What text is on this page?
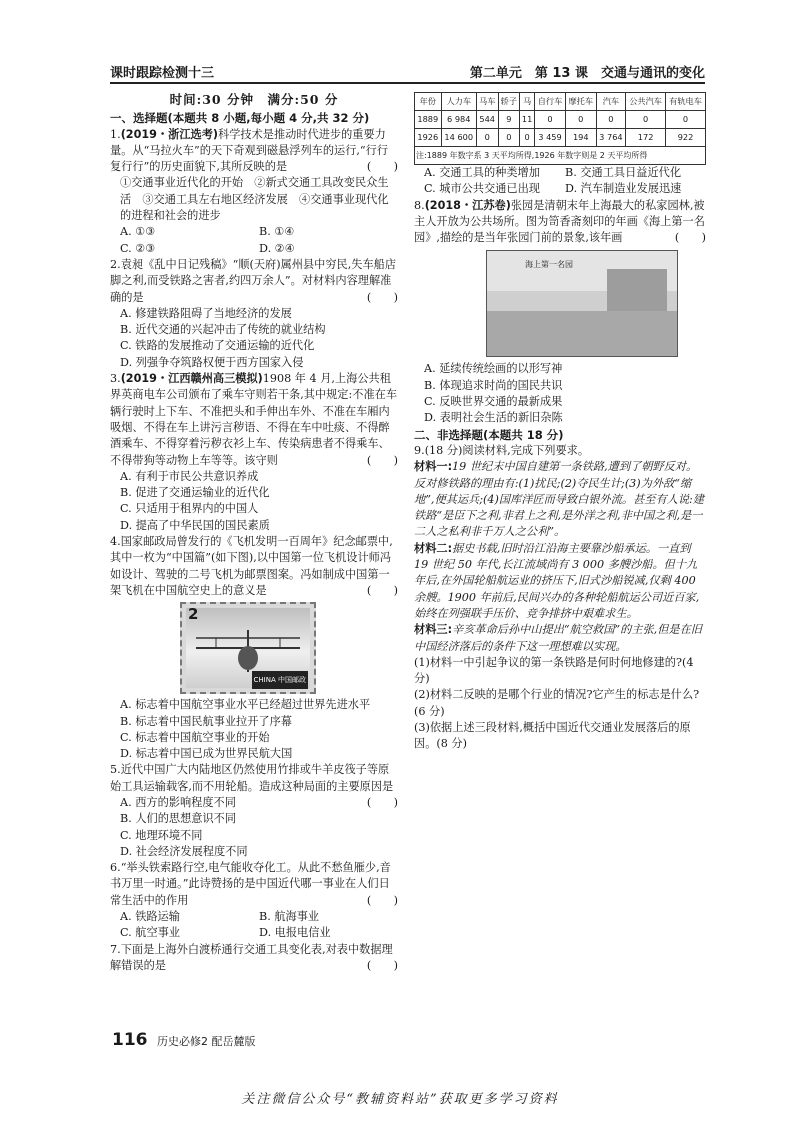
课时跟踪检测十三	第二单元　第 13 课　交通与通讯的变化
时间:30 分钟　满分:50 分
一、选择题(本题共 8 小题,每小题 4 分,共 32 分)
1.(2019・浙江选考)科学技术是推动时代进步的重要力量。从“马拉火车”的天下奇观到磁悬浮列车的运行,“行行复行行”的历史面貌下,其所反映的是	(　　)
①交通事业近代化的开始　②新式交通工具改变民众生活　③交通工具左右地区经济发展　④交通事业现代化的进程和社会的进步
A. ①③	B. ①④
C. ②③	D. ②④
2.袁昶《乱中日记残稿》“顺(天府)属州县中穷民,失车船店脚之利,而受铁路之害者,约四万余人”。对材料内容理解准确的是	(　　)
A. 修建铁路阻碍了当地经济的发展
B. 近代交通的兴起冲击了传统的就业结构
C. 铁路的发展推动了交通运输的近代化
D. 列强争夺筑路权便于西方国家入侵
3.(2019・江西赣州高三模拟)1908 年 4 月,上海公共租界英商电车公司颁布了乘车守则若干条,其中规定:不准在车辆行驶时上下车、不准把头和手伸出车外、不准在车厢内吸烟、不得在车上讲污言秽语、不得在车中吐痰、不得醉酒乘车、不得穿着污秽衣衫上车、传染病患者不得乘车、不得带狗等动物上车等等。该守则	(　　)
A. 有利于市民公共意识养成
B. 促进了交通运输业的近代化
C. 只适用于租界内的中国人
D. 提高了中华民国的国民素质
4.国家邮政局曾发行的《飞机发明一百周年》纪念邮票中,其中一枚为“中国篇”(如下图),以中国第一位飞机设计师冯如设计、驾驶的二号飞机为邮票图案。冯如制成中国第一架飞机在中国航空史上的意义是	(　　)
2
CHINA 中国邮政
A. 标志着中国航空事业水平已经超过世界先进水平
B. 标志着中国民航事业拉开了序幕
C. 标志着中国航空事业的开始
D. 标志着中国已成为世界民航大国
5.近代中国广大内陆地区仍然使用竹排或牛羊皮筏子等原始工具运输载客,而不用轮船。造成这种局面的主要原因是
(　　)
A. 西方的影响程度不同
B. 人们的思想意识不同
C. 地理环境不同
D. 社会经济发展程度不同
6.“举头铁索路行空,电气能收夺化工。从此不愁鱼雁少,音书万里一时通。”此诗赞扬的是中国近代哪一事业在人们日常生活中的作用	(　　)
A. 铁路运输	B. 航海事业
C. 航空事业	D. 电报电信业
7.下面是上海外白渡桥通行交通工具变化表,对表中数据理解错误的是	(　　)
年份	人力车	马车	轿子	马	自行车	摩托车	汽车	公共汽车	有轨电车
1889	6 984	544	9	11	0	0	0	0	0
1926	14 600	0	0	0	3 459	194	3 764	172	922
注:1889 年数字系 3 天平均所得,1926 年数字则是 2 天平均所得									
A. 交通工具的种类增加	B. 交通工具日益近代化
C. 城市公共交通已出现	D. 汽车制造业发展迅速
8.(2018・江苏卷)张园是清朝末年上海最大的私家园林,被主人开放为公共场所。图为笥香斋刻印的年画《海上第一名园》,描绘的是当年张园门前的景象,该年画	(　　)
海上第一名园
A. 延续传统绘画的以形写神
B. 体现追求时尚的国民共识
C. 反映世界交通的最新成果
D. 表明社会生活的新旧杂陈
二、非选择题(本题共 18 分)
9.(18 分)阅读材料,完成下列要求。
材料一:19 世纪末中国自建第一条铁路,遭到了朝野反对。反对修铁路的理由有:(1)扰民;(2)夺民生计;(3)为外敌“缩地”,便其运兵;(4)国库洋匠而导致白银外流。甚至有人说:建铁路“是臣下之利,非君上之利,是外洋之利,非中国之利,是一二人之私利非千万人之公利”。
材料二:据史书载,旧时沿江沿海主要靠沙船承运。一直到 19 世纪 50 年代,长江流域尚有 3 000 多艘沙船。但十九年后,在外国轮船航运业的挤压下,旧式沙船锐减,仅剩 400 余艘。1900 年前后,民间兴办的各种轮船航运公司近百家,始终在列强联手压价、竞争排挤中艰难求生。
材料三:辛亥革命后孙中山提出“航空救国”的主张,但是在旧中国经济落后的条件下这一理想难以实现。
(1)材料一中引起争议的第一条铁路是何时何地修建的?(4 分)
(2)材料二反映的是哪个行业的情况?它产生的标志是什么?(6 分)
(3)依据上述三段材料,概括中国近代交通业发展落后的原因。(8 分)
116 历史必修2 配岳麓版
关注微信公众号“教辅资料站”获取更多学习资料
